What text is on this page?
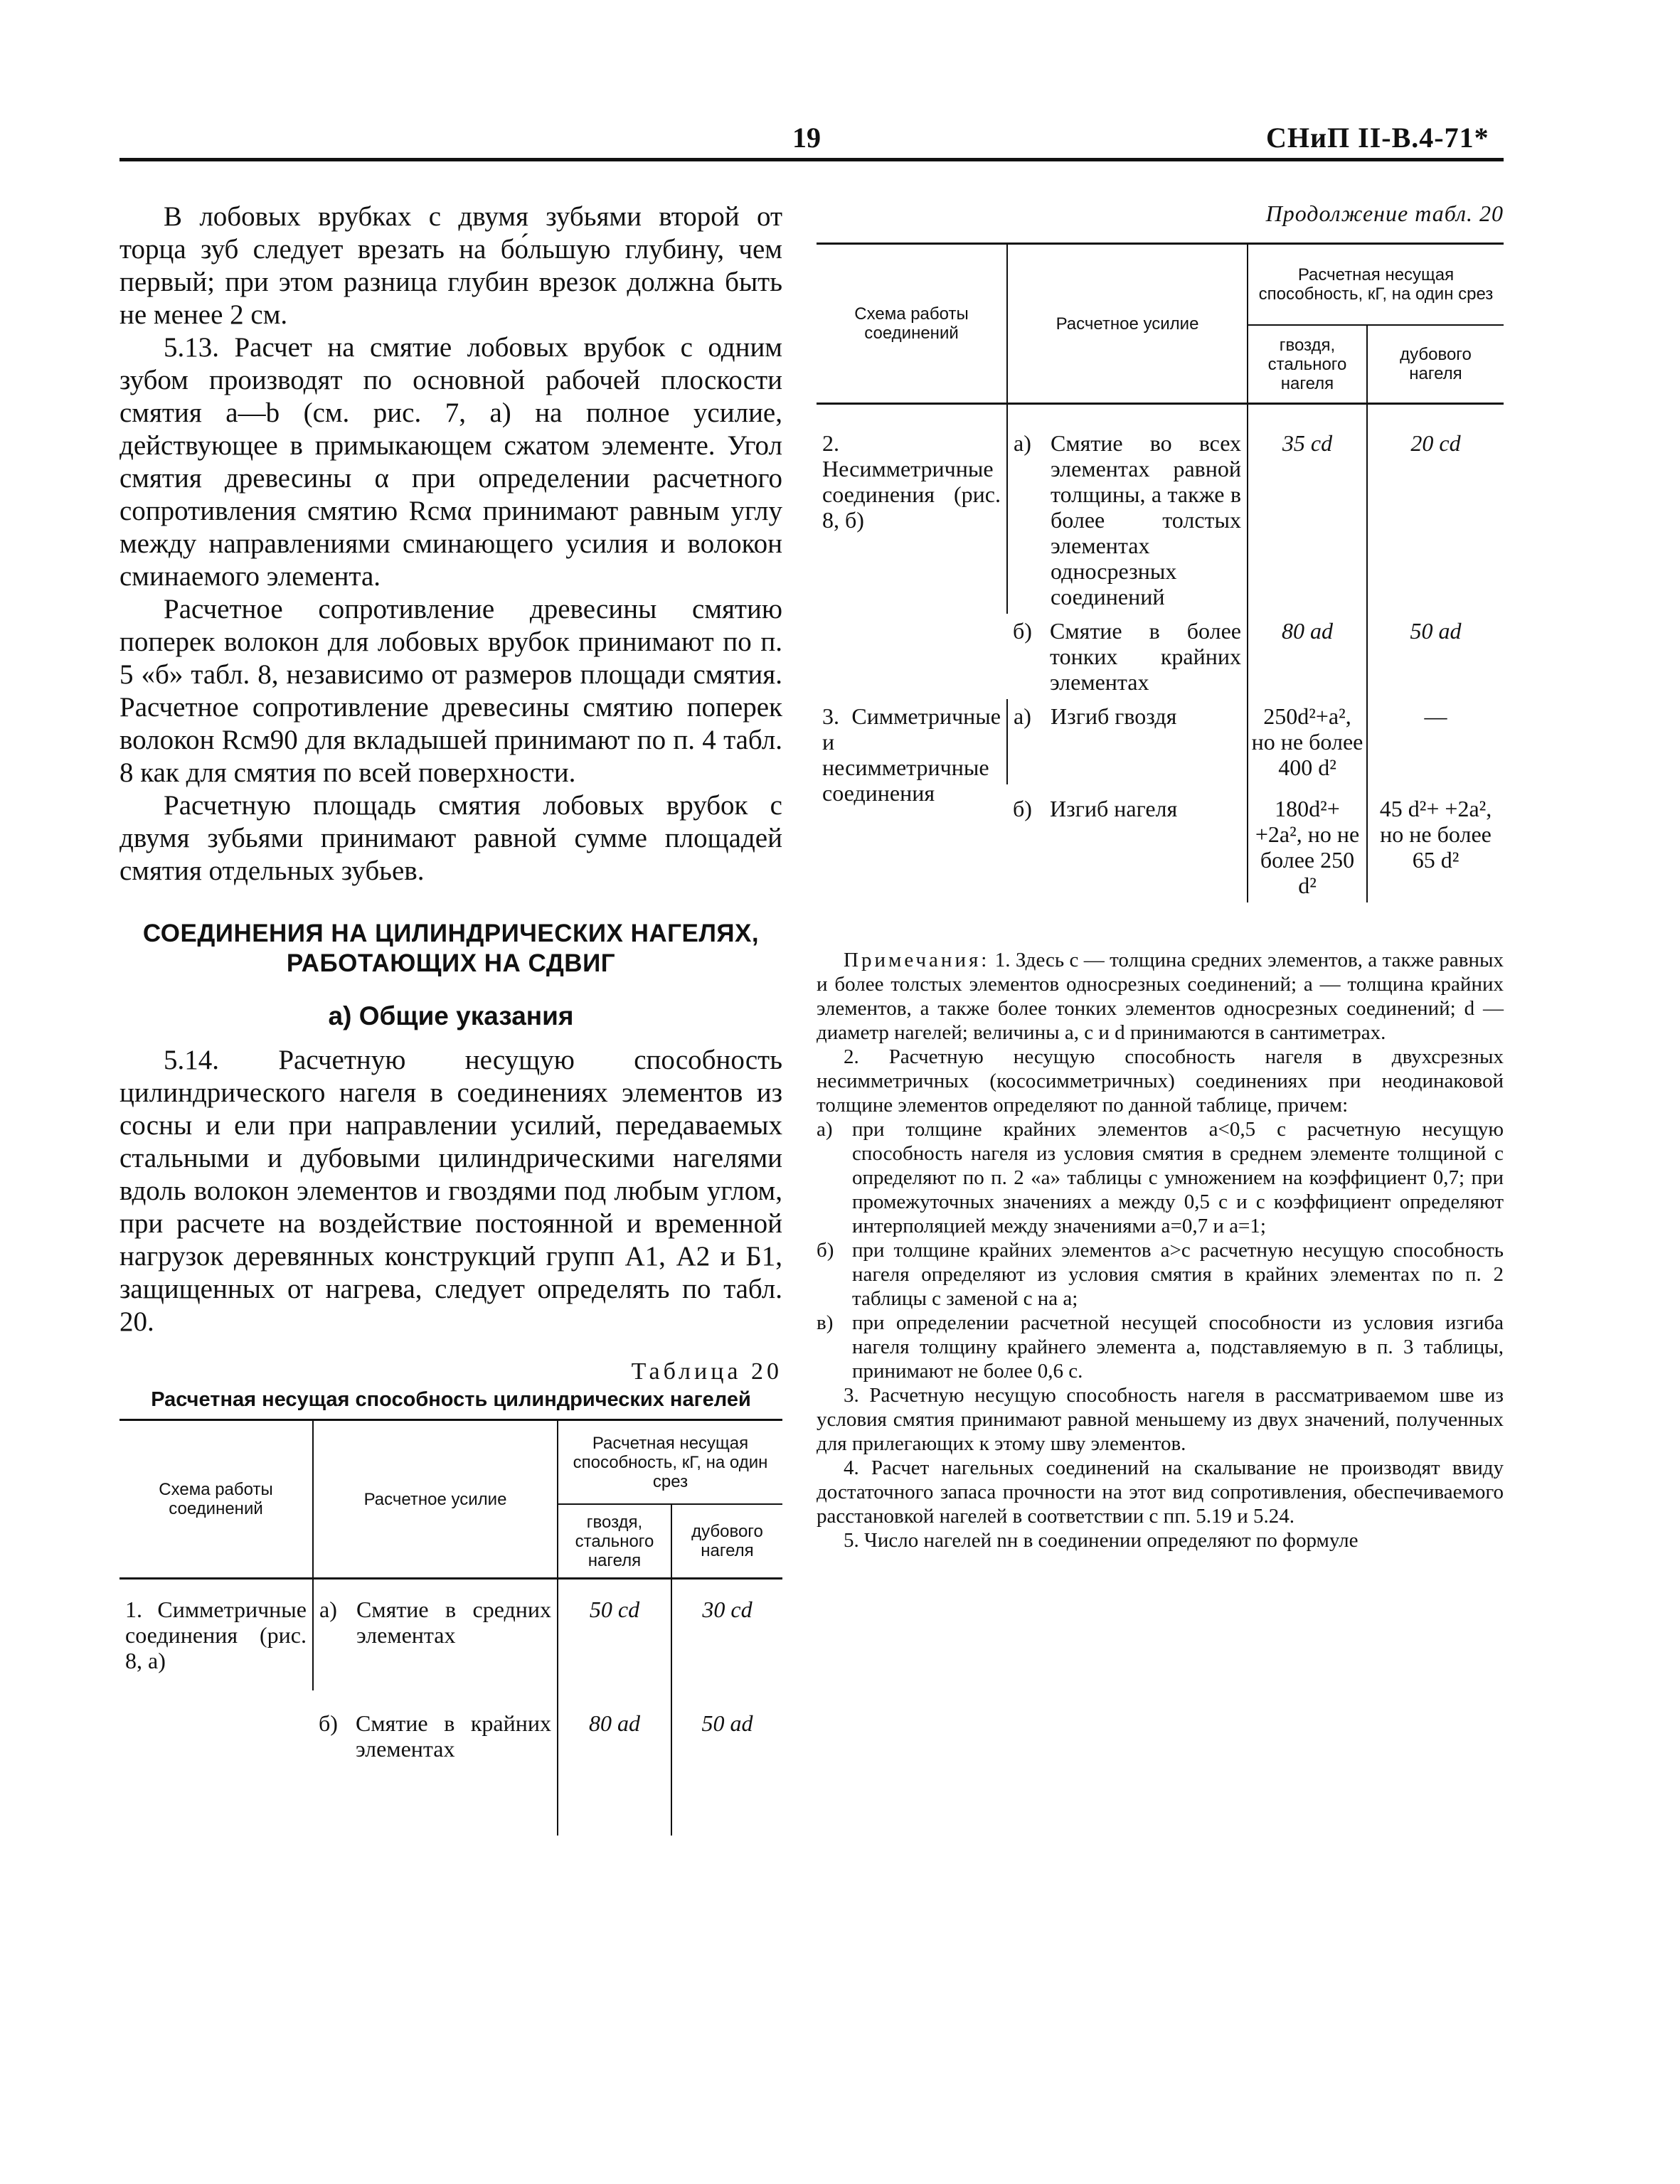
19	СНиП II-В.4-71*

В лобовых врубках с двумя зубьями второй от торца зуб следует врезать на бо́льшую глубину, чем первый; при этом разница глубин врезок должна быть не менее 2 см.

5.13. Расчет на смятие лобовых врубок с одним зубом производят по основной рабочей плоскости смятия a—b (см. рис. 7, a) на полное усилие, действующее в примыкающем сжатом элементе. Угол смятия древесины α при определении расчетного сопротивления смятию Rсмα принимают равным углу между направлениями сминающего усилия и волокон сминаемого элемента.

Расчетное сопротивление древесины смятию поперек волокон для лобовых врубок принимают по п. 5 «б» табл. 8, независимо от размеров площади смятия. Расчетное сопротивление древесины смятию поперек волокон Rсм90 для вкладышей принимают по п. 4 табл. 8 как для смятия по всей поверхности.

Расчетную площадь смятия лобовых врубок с двумя зубьями принимают равной сумме площадей смятия отдельных зубьев.

СОЕДИНЕНИЯ НА ЦИЛИНДРИЧЕСКИХ НАГЕЛЯХ, РАБОТАЮЩИХ НА СДВИГ
а) Общие указания

5.14. Расчетную несущую способность цилиндрического нагеля в соединениях элементов из сосны и ели при направлении усилий, передаваемых стальными и дубовыми цилиндрическими нагелями вдоль волокон элементов и гвоздями под любым углом, при расчете на воздействие постоянной и временной нагрузок деревянных конструкций групп А1, А2 и Б1, защищенных от нагрева, следует определять по табл. 20.

Таблица 20
Расчетная несущая способность цилиндрических нагелей
Схема работы соединений	Расчетное усилие	Расчетная несущая способность, кГ, на один срез	
		гвоздя, стального нагеля	дубового нагеля
1. Симметричные соединения (рис. 8, а)	а) Смятие в средних элементах	50 cd	30 cd

	б) Смятие в крайних элементах	80 ad	50 ad
Продолжение табл. 20
Схема работы соединений	Расчетное усилие	Расчетная несущая способность, кГ, на один срез	
		гвоздя, стального нагеля	дубового нагеля
2. Несимметричные соединения (рис. 8, б)	а) Смятие во всех элементах равной толщины, а также в более толстых элементах односрезных соединений	35 cd	20 cd

	б) Смятие в более тонких крайних элементах	80 ad	50 ad
3. Симметричные и несимметричные соединения	а) Изгиб гвоздя	250d²+a², но не более 400 d²	—

	б) Изгиб нагеля	180d²+ +2a², но не более 250 d²	45 d²+ +2a², но не более 65 d²

Примечания: 1. Здесь c — толщина средних элементов, а также равных и более толстых элементов односрезных соединений; a — толщина крайних элементов, а также более тонких элементов односрезных соединений; d — диаметр нагелей; величины a, c и d принимаются в сантиметрах.

2. Расчетную несущую способность нагеля в двухсрезных несимметричных (кососимметричных) соединениях при неодинаковой толщине элементов определяют по данной таблице, причем:

а) при толщине крайних элементов a<0,5 c расчетную несущую способность нагеля из условия смятия в среднем элементе толщиной c определяют по п. 2 «а» таблицы с умножением на коэффициент 0,7; при промежуточных значениях a между 0,5 c и c коэффициент определяют интерполяцией между значениями a=0,7 и a=1;
б) при толщине крайних элементов a>c расчетную несущую способность нагеля определяют из условия смятия в крайних элементах по п. 2 таблицы с заменой c на a;
в) при определении расчетной несущей способности из условия изгиба нагеля толщину крайнего элемента a, подставляемую в п. 3 таблицы, принимают не более 0,6 c.

3. Расчетную несущую способность нагеля в рассматриваемом шве из условия смятия принимают равной меньшему из двух значений, полученных для прилегающих к этому шву элементов.

4. Расчет нагельных соединений на скалывание не производят ввиду достаточного запаса прочности на этот вид сопротивления, обеспечиваемого расстановкой нагелей в соответствии с пп. 5.19 и 5.24.

5. Число нагелей nн в соединении определяют по формуле
